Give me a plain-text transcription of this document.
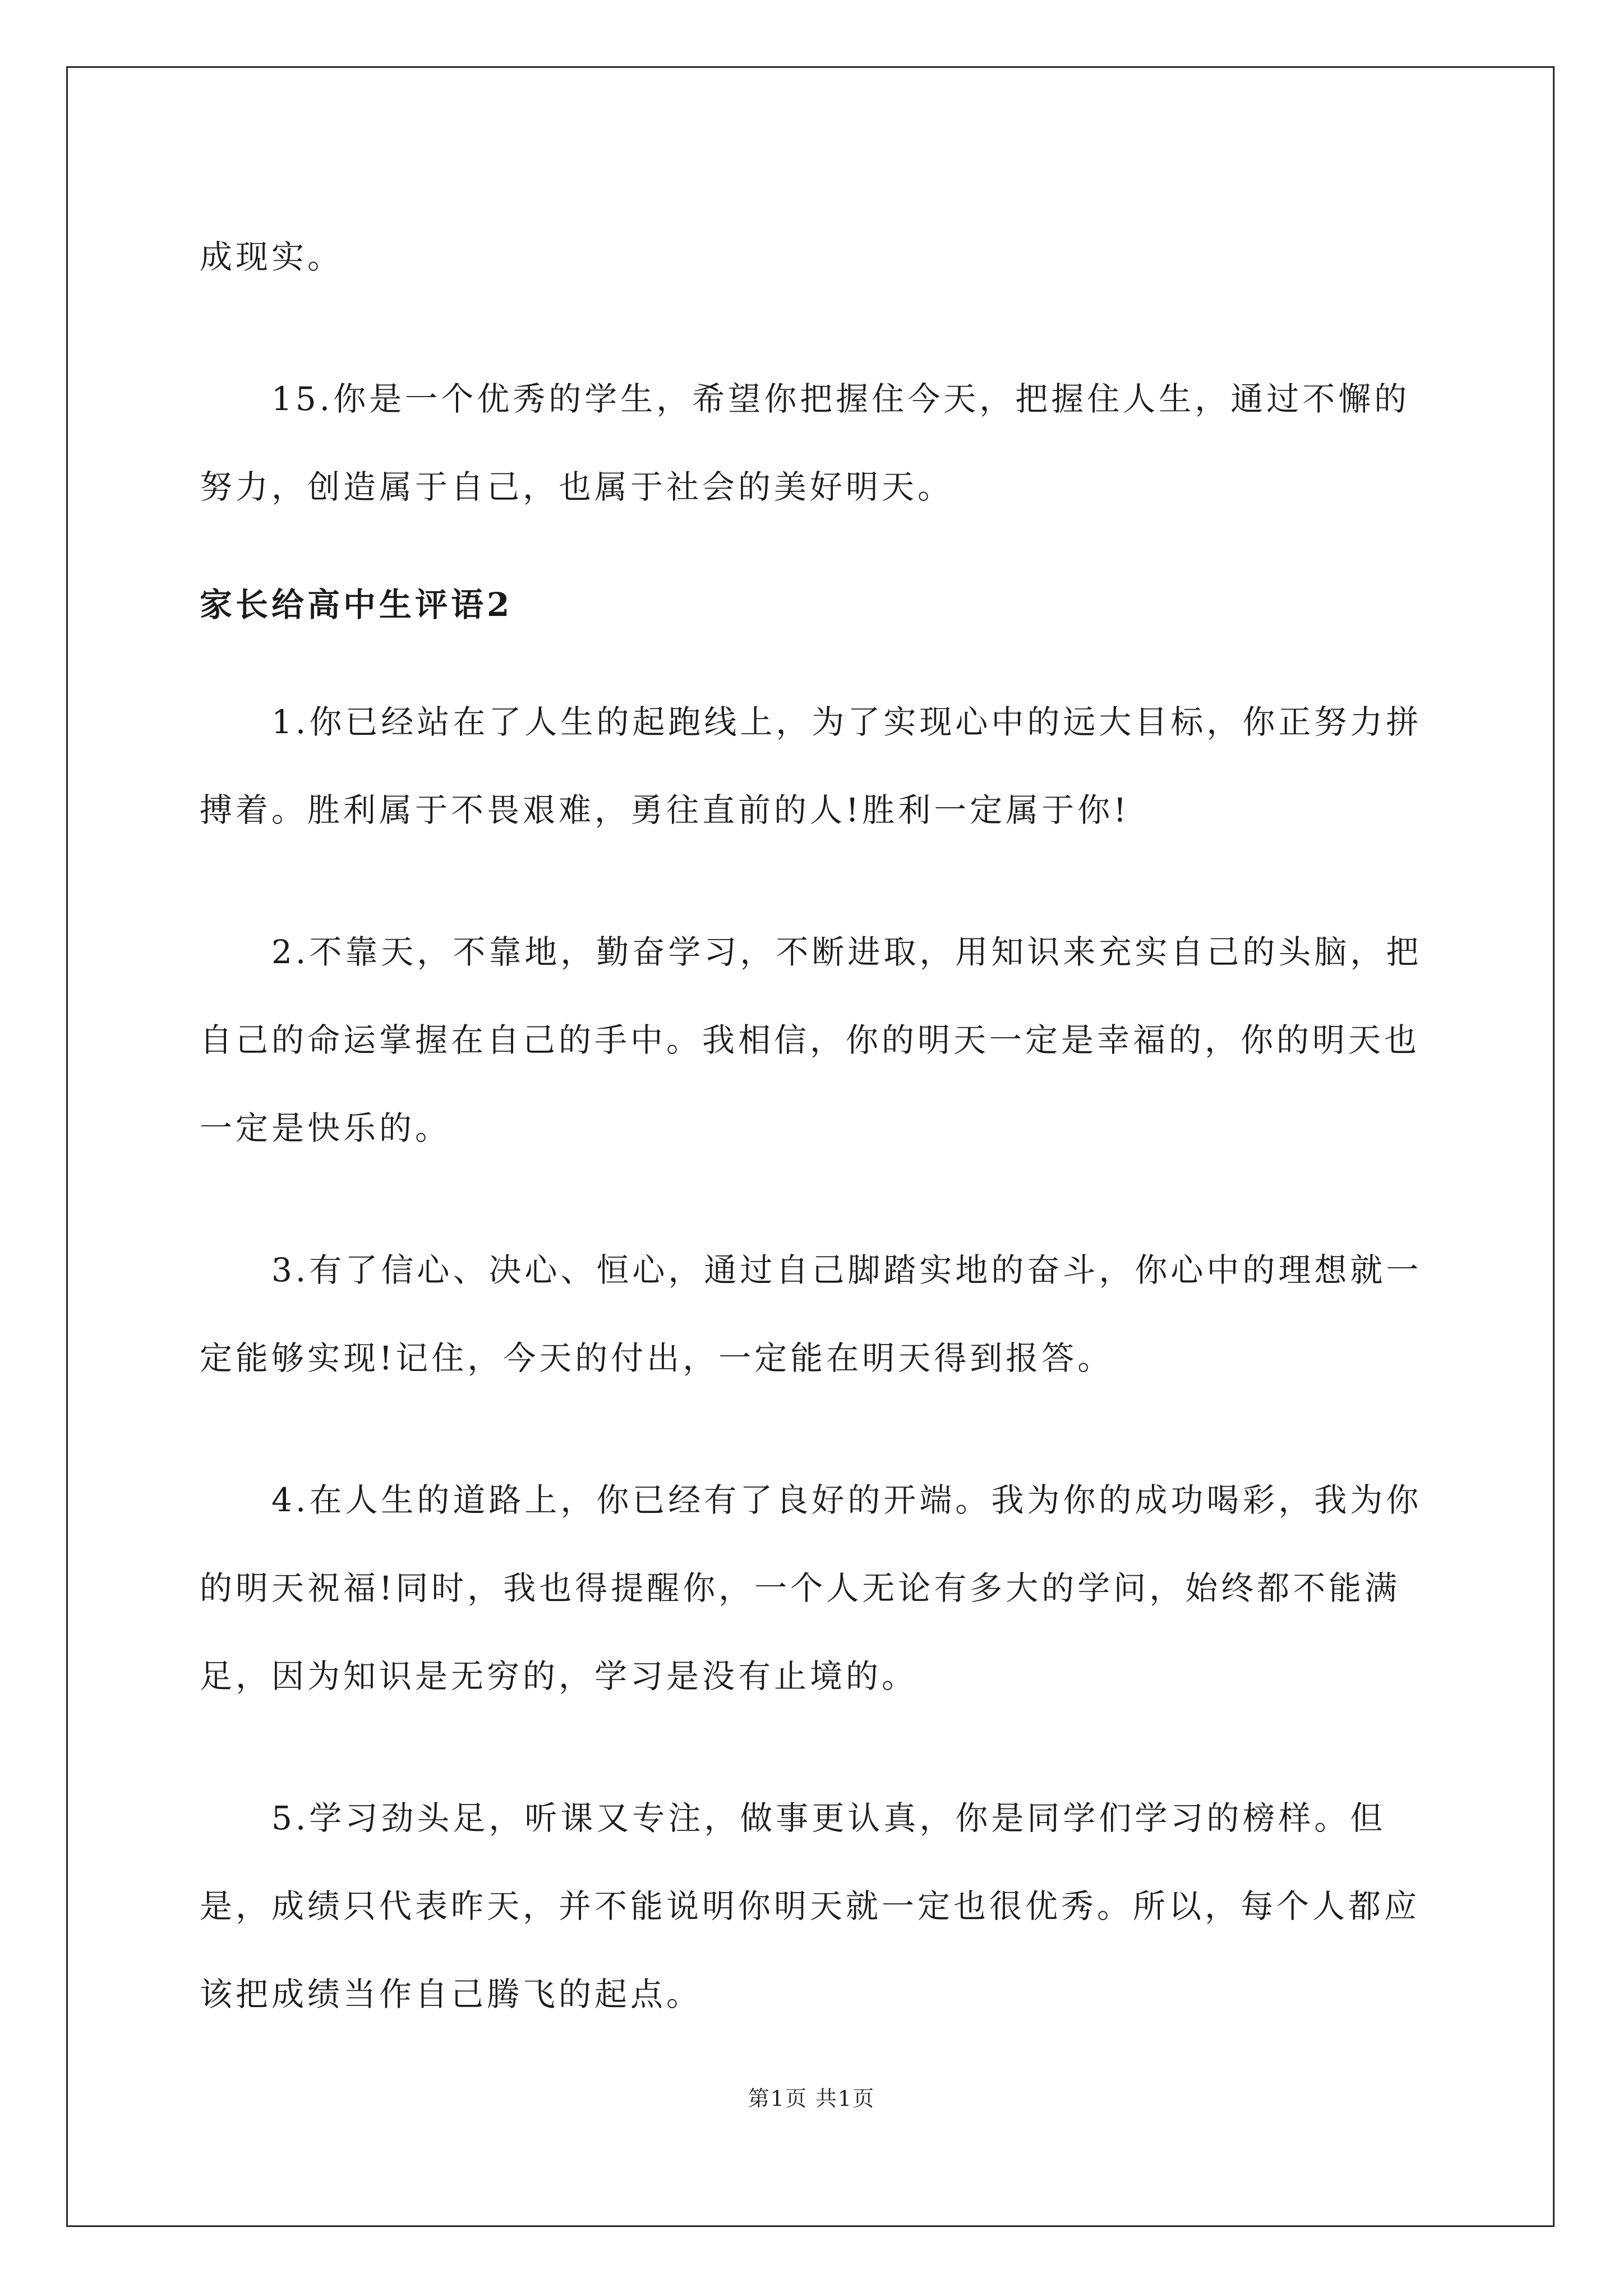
成现实。

15.你是一个优秀的学生，希望你把握住今天，把握住人生，通过不懈的努力，创造属于自己，也属于社会的美好明天。

家长给高中生评语2

1.你已经站在了人生的起跑线上，为了实现心中的远大目标，你正努力拼搏着。胜利属于不畏艰难，勇往直前的人!胜利一定属于你!

2.不靠天，不靠地，勤奋学习，不断进取，用知识来充实自己的头脑，把自己的命运掌握在自己的手中。我相信，你的明天一定是幸福的，你的明天也一定是快乐的。

3.有了信心、决心、恒心，通过自己脚踏实地的奋斗，你心中的理想就一定能够实现!记住，今天的付出，一定能在明天得到报答。

4.在人生的道路上，你已经有了良好的开端。我为你的成功喝彩，我为你的明天祝福!同时，我也得提醒你，一个人无论有多大的学问，始终都不能满足，因为知识是无穷的，学习是没有止境的。

5.学习劲头足，听课又专注，做事更认真，你是同学们学习的榜样。但是，成绩只代表昨天，并不能说明你明天就一定也很优秀。所以，每个人都应该把成绩当作自己腾飞的起点。

第1页 共1页
